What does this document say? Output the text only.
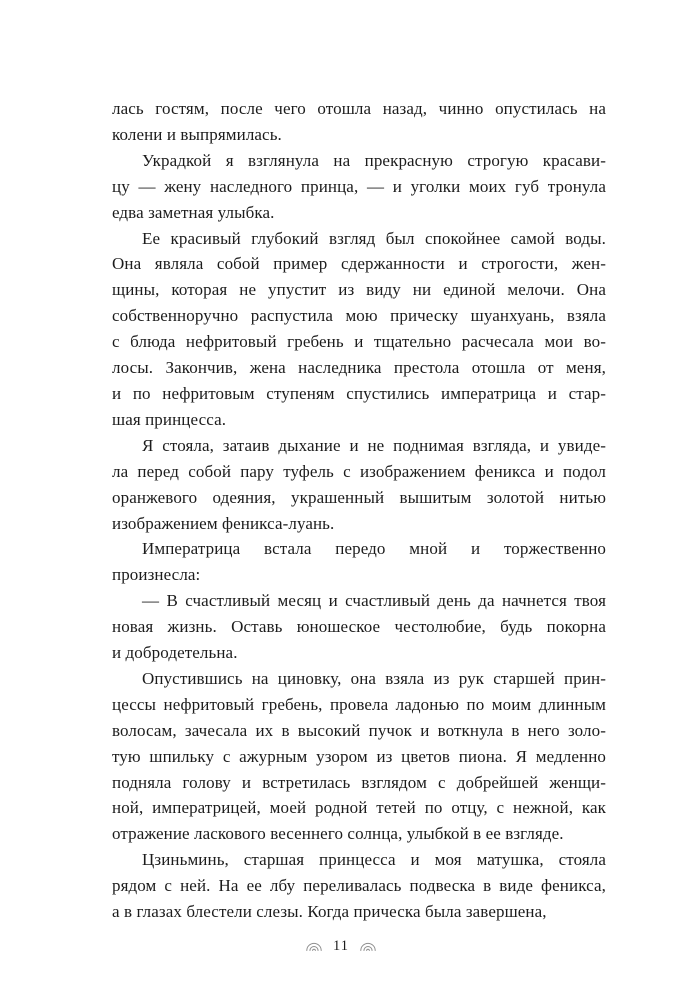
лась гостям, после чего отошла назад, чинно опустилась на
колени и выпрямилась.
Украдкой я взглянула на прекрасную строгую красави-
цу — жену наследного принца, — и уголки моих губ тронула
едва заметная улыбка.
Ее красивый глубокий взгляд был спокойнее самой воды.
Она являла собой пример сдержанности и строгости, жен-
щины, которая не упустит из виду ни единой мелочи. Она
собственноручно распустила мою прическу шуанхуань, взяла
с блюда нефритовый гребень и тщательно расчесала мои во-
лосы. Закончив, жена наследника престола отошла от меня,
и по нефритовым ступеням спустились императрица и стар-
шая принцесса.
Я стояла, затаив дыхание и не поднимая взгляда, и увиде-
ла перед собой пару туфель с изображением феникса и подол
оранжевого одеяния, украшенный вышитым золотой нитью
изображением феникса-луань.
Императрица встала передо мной и торжественно
произнесла:
— В счастливый месяц и счастливый день да начнется твоя
новая жизнь. Оставь юношеское честолюбие, будь покорна
и добродетельна.
Опустившись на циновку, она взяла из рук старшей прин-
цессы нефритовый гребень, провела ладонью по моим длинным
волосам, зачесала их в высокий пучок и воткнула в него золо-
тую шпильку с ажурным узором из цветов пиона. Я медленно
подняла голову и встретилась взглядом с добрейшей женщи-
ной, императрицей, моей родной тетей по отцу, с нежной, как
отражение ласкового весеннего солнца, улыбкой в ее взгляде.
Цзиньминь, старшая принцесса и моя матушка, стояла
рядом с ней. На ее лбу переливалась подвеска в виде феникса,
а в глазах блестели слезы. Когда прическа была завершена,
11
